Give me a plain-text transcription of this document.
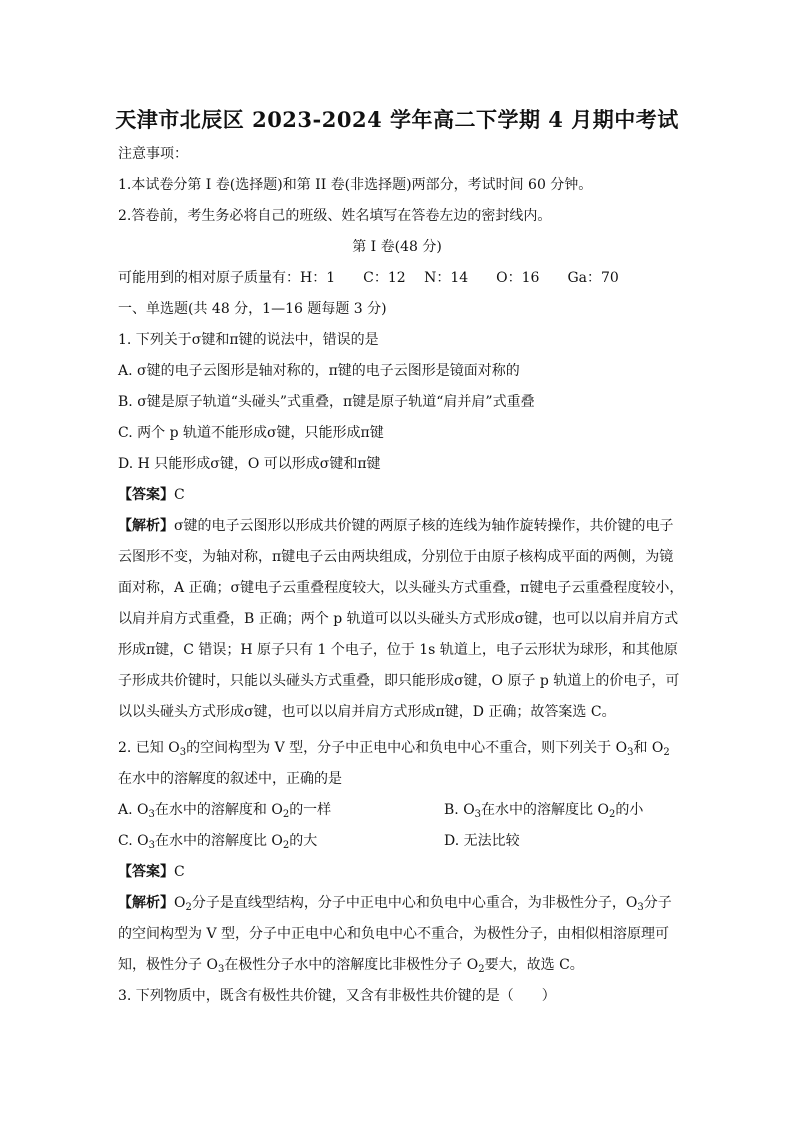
天津市北辰区 2023-2024 学年高二下学期 4 月期中考试
注意事项：
1.本试卷分第 I 卷(选择题)和第 II 卷(非选择题)两部分，考试时间 60 分钟。
2.答卷前，考生务必将自己的班级、姓名填写在答卷左边的密封线内。
第 I 卷(48 分)
可能用到的相对原子质量有：H：1　　C：12　 N：14　　O：16　　Ga：70
一、单选题(共 48 分，1—16 题每题 3 分)
1. 下列关于σ键和π键的说法中，错误的是
A. σ键的电子云图形是轴对称的，π键的电子云图形是镜面对称的
B. σ键是原子轨道“头碰头”式重叠，π键是原子轨道“肩并肩”式重叠
C. 两个 p 轨道不能形成σ键，只能形成π键
D. H 只能形成σ键，O 可以形成σ键和π键
【答案】C
【解析】σ键的电子云图形以形成共价键的两原子核的连线为轴作旋转操作，共价键的电子
云图形不变，为轴对称，π键电子云由两块组成，分别位于由原子核构成平面的两侧，为镜
面对称，A 正确；σ键电子云重叠程度较大，以头碰头方式重叠，π键电子云重叠程度较小，
以肩并肩方式重叠，B 正确；两个 p 轨道可以以头碰头方式形成σ键，也可以以肩并肩方式
形成π键，C 错误；H 原子只有 1 个电子，位于 1s 轨道上，电子云形状为球形，和其他原
子形成共价键时，只能以头碰头方式重叠，即只能形成σ键，O 原子 p 轨道上的价电子，可
以以头碰头方式形成σ键，也可以以肩并肩方式形成π键，D 正确；故答案选 C。
2. 已知 $O_3$的空间构型为 V 型，分子中正电中心和负电中心不重合，则下列关于 $O_3$和 $O_2$
在水中的溶解度的叙述中，正确的是
A. $O_3$在水中的溶解度和 $O_2$的一样	B. $O_3$在水中的溶解度比 $O_2$的小
C. $O_3$在水中的溶解度比 $O_2$的大	D. 无法比较
【答案】C
【解析】$O_2$分子是直线型结构，分子中正电中心和负电中心重合，为非极性分子，$O_3$分子
的空间构型为 V 型，分子中正电中心和负电中心不重合，为极性分子，由相似相溶原理可
知，极性分子 $O_3$在极性分子水中的溶解度比非极性分子 $O_2$要大，故选 C。
3. 下列物质中，既含有极性共价键，又含有非极性共价键的是（　　）
